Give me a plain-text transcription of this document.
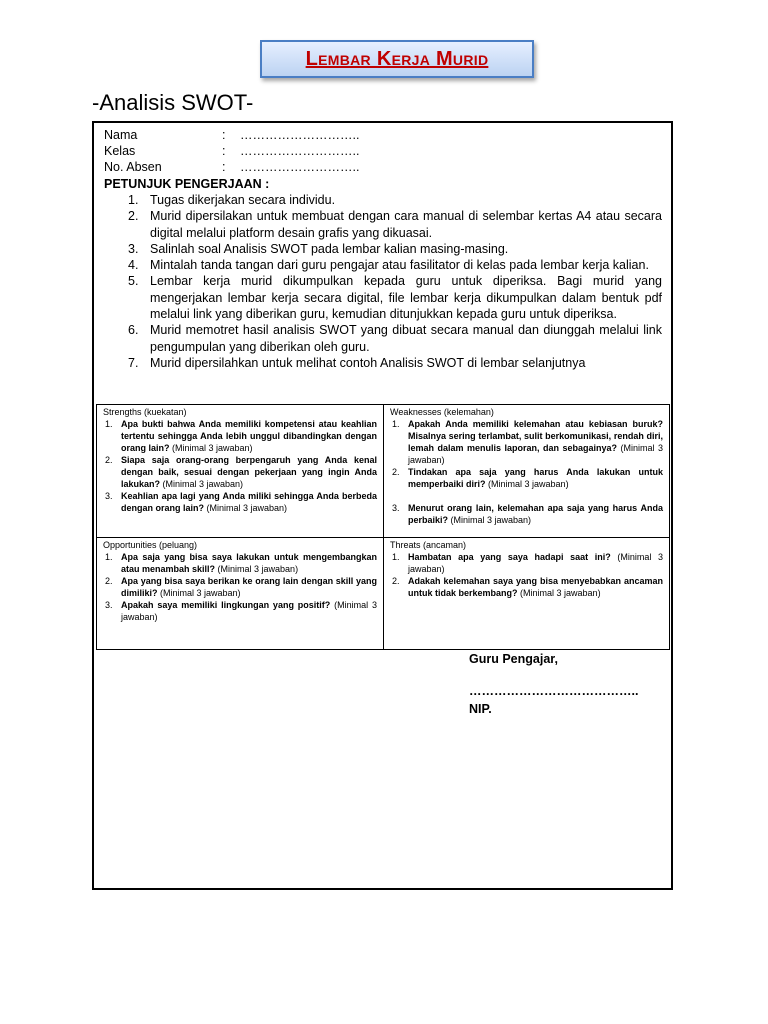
Lembar Kerja Murid
-Analisis SWOT-
Nama	: ………………………..
Kelas	: ………………………..
No. Absen	: ………………………..
PETUNJUK PENGERJAAN :
1. Tugas dikerjakan secara individu.
2. Murid dipersilakan untuk membuat dengan cara manual di selembar kertas A4 atau secara digital melalui platform desain grafis yang dikuasai.
3. Salinlah soal Analisis SWOT pada lembar kalian masing-masing.
4. Mintalah tanda tangan dari guru pengajar atau fasilitator di kelas pada lembar kerja kalian.
5. Lembar kerja murid dikumpulkan kepada guru untuk diperiksa. Bagi murid yang mengerjakan lembar kerja secara digital, file lembar kerja dikumpulkan dalam bentuk pdf melalui link yang diberikan guru, kemudian ditunjukkan kepada guru untuk diperiksa.
6. Murid memotret hasil analisis SWOT yang dibuat secara manual dan diunggah melalui link pengumpulan yang diberikan oleh guru.
7. Murid dipersilahkan untuk melihat contoh Analisis SWOT di lembar selanjutnya
Strengths (kuekatan)
1. Apa bukti bahwa Anda memiliki kompetensi atau keahlian tertentu sehingga Anda lebih unggul dibandingkan dengan orang lain? (Minimal 3 jawaban)
2. Siapa saja orang-orang berpengaruh yang Anda kenal dengan baik, sesuai dengan pekerjaan yang ingin Anda lakukan? (Minimal 3 jawaban)
3. Keahlian apa lagi yang Anda miliki sehingga Anda berbeda dengan orang lain? (Minimal 3 jawaban)
Weaknesses (kelemahan)
1. Apakah Anda memiliki kelemahan atau kebiasan buruk? Misalnya sering terlambat, sulit berkomunikasi, rendah diri, lemah dalam menulis laporan, dan sebagainya? (Minimal 3 jawaban)
2. Tindakan apa saja yang harus Anda lakukan untuk memperbaiki diri? (Minimal 3 jawaban)
3. Menurut orang lain, kelemahan apa saja yang harus Anda perbaiki? (Minimal 3 jawaban)
Opportunities (peluang)
1. Apa saja yang bisa saya lakukan untuk mengembangkan atau menambah skill? (Minimal 3 jawaban)
2. Apa yang bisa saya berikan ke orang lain dengan skill yang dimiliki? (Minimal 3 jawaban)
3. Apakah saya memiliki lingkungan yang positif? (Minimal 3 jawaban)
Threats (ancaman)
1. Hambatan apa yang saya hadapi saat ini? (Minimal 3 jawaban)
2. Adakah kelemahan saya yang bisa menyebabkan ancaman untuk tidak berkembang? (Minimal 3 jawaban)
Guru Pengajar,
…………………………………..
NIP.
